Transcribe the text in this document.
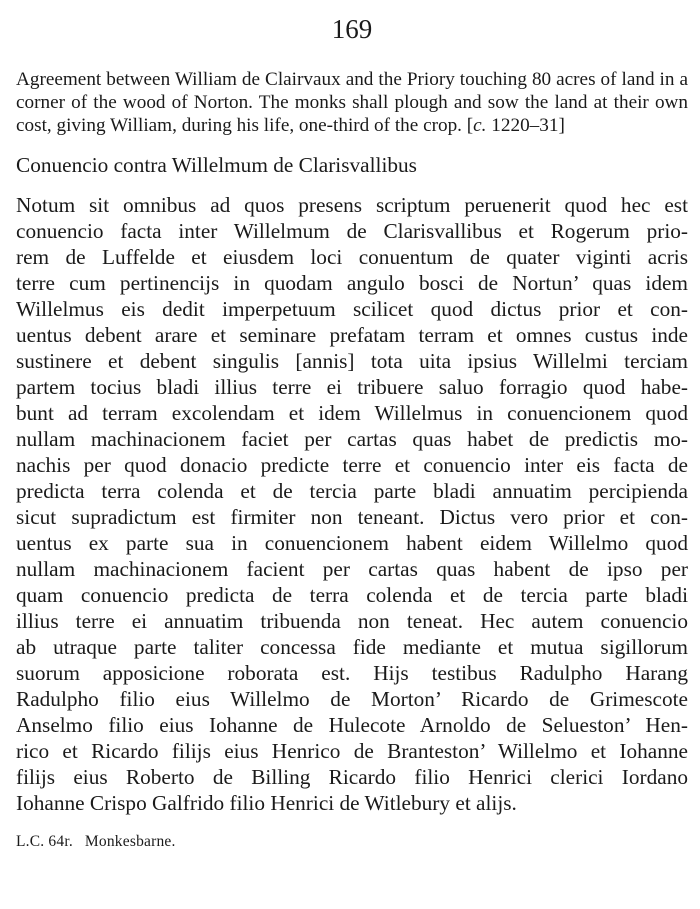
169

Agreement between William de Clairvaux and the Priory touching 80 acres of land in a corner of the wood of Norton. The monks shall plough and sow the land at their own cost, giving William, during his life, one-third of the crop. [c. 1220–31]

Conuencio contra Willelmum de Clarisvallibus

Notum sit omnibus ad quos presens scriptum peruenerit quod hec est
conuencio facta inter Willelmum de Clarisvallibus et Rogerum prio-
rem de Luffelde et eiusdem loci conuentum de quater viginti acris
terre cum pertinencijs in quodam angulo bosci de Nortun’ quas idem
Willelmus eis dedit imperpetuum scilicet quod dictus prior et con-
uentus debent arare et seminare prefatam terram et omnes custus inde
sustinere et debent singulis [annis] tota uita ipsius Willelmi terciam
partem tocius bladi illius terre ei tribuere saluo forragio quod habe-
bunt ad terram excolendam et idem Willelmus in conuencionem quod
nullam machinacionem faciet per cartas quas habet de predictis mo-
nachis per quod donacio predicte terre et conuencio inter eis facta de
predicta terra colenda et de tercia parte bladi annuatim percipienda
sicut supradictum est firmiter non teneant. Dictus vero prior et con-
uentus ex parte sua in conuencionem habent eidem Willelmo quod
nullam machinacionem facient per cartas quas habent de ipso per
quam conuencio predicta de terra colenda et de tercia parte bladi
illius terre ei annuatim tribuenda non teneat. Hec autem conuencio
ab utraque parte taliter concessa fide mediante et mutua sigillorum
suorum apposicione roborata est. Hijs testibus Radulpho Harang
Radulpho filio eius Willelmo de Morton’ Ricardo de Grimescote
Anselmo filio eius Iohanne de Hulecote Arnoldo de Selueston’ Hen-
rico et Ricardo filijs eius Henrico de Branteston’ Willelmo et Iohanne
filijs eius Roberto de Billing Ricardo filio Henrici clerici Iordano
Iohanne Crispo Galfrido filio Henrici de Witlebury et alijs.
L.C. 64r. Monkesbarne.
